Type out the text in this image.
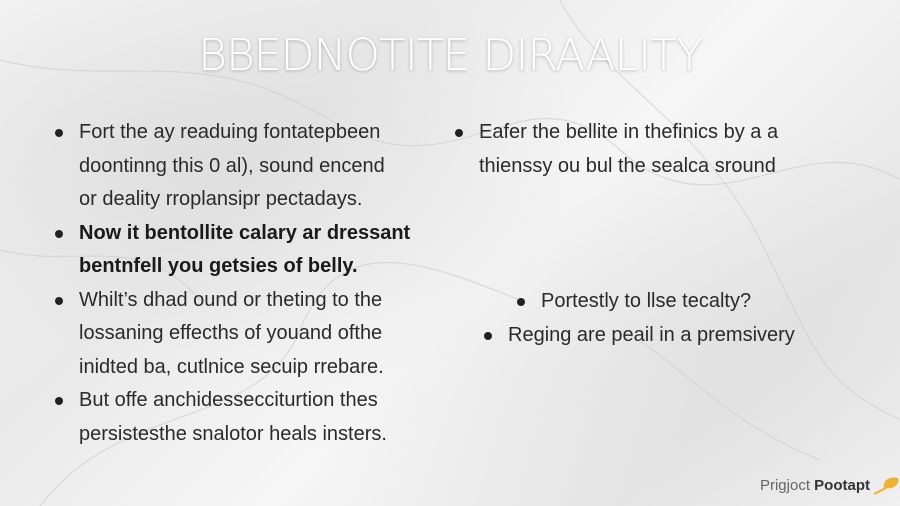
BBEDNOTITE DIRAALITY
Fort the ay readuing fontatepbeen
doontinng this 0 al), sound encend
or deality rroplansipr pectadays.
Now it bentollite calary ar dressant
bentnfell you getsies of belly.
Whilt’s dhad ound or theting to the
lossaning effecths of youand ofthe
inidted ba, cutlnice secuip rrebare.
But offe anchidessecciturtion thes
persistesthe snalotor heals insters.
Eafer the bellite in thefinics by a a
thienssy ou bul the sealca sround
Portestly to llse tecalty?
Reging are peail in a premsivery
Prigjoct Pootapt
